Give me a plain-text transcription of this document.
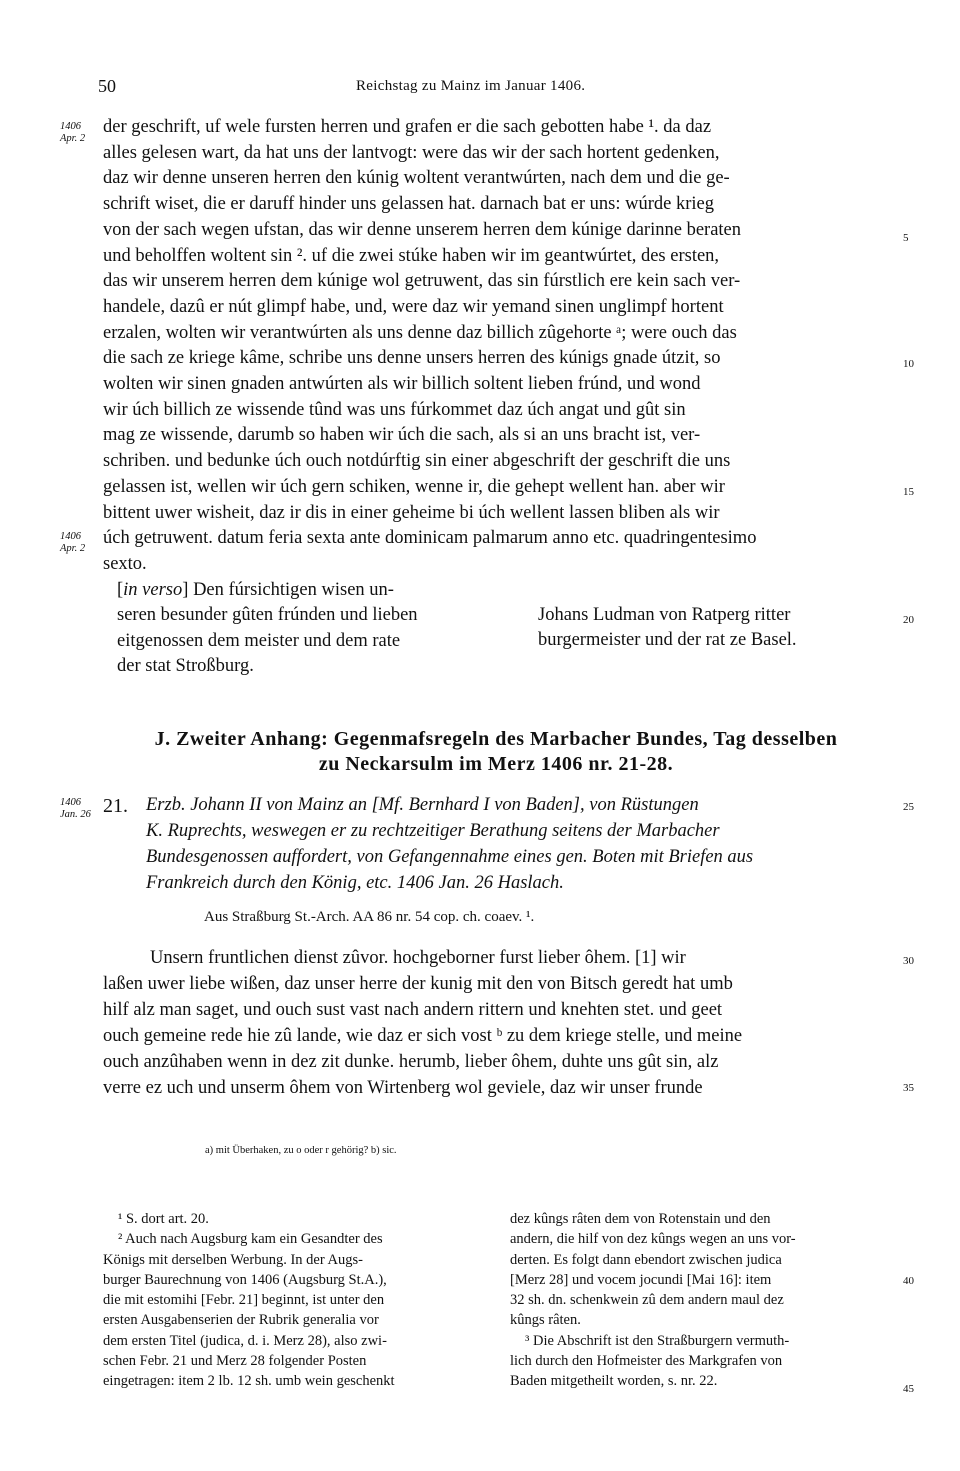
50	Reichstag zu Mainz im Januar 1406.
1406
Apr. 2
1406
Apr. 2
1406
Jan. 26
5
10
15
20
25
30
35
40
45
der geschrift, uf wele fursten herren und grafen er die sach gebotten habe ¹. da daz
alles gelesen wart, da hat uns der lantvogt: were das wir der sach hortent gedenken,
daz wir denne unseren herren den kúnig woltent verantwúrten, nach dem und die ge-
schrift wiset, die er daruff hinder uns gelassen hat. darnach bat er uns: wúrde krieg
von der sach wegen ufstan, das wir denne unserem herren dem kúnige darinne beraten
und beholffen woltent sin ². uf die zwei stúke haben wir im geantwúrtet, des ersten,
das wir unserem herren dem kúnige wol getruwent, das sin fúrstlich ere kein sach ver-
handele, dazû er nút glimpf habe, und, were daz wir yemand sinen unglimpf hortent
erzalen, wolten wir verantwúrten als uns denne daz billich zûgehorte ᵃ; were ouch das
die sach ze kriege kâme, schribe uns denne unsers herren des kúnigs gnade útzit, so
wolten wir sinen gnaden antwúrten als wir billich soltent lieben frúnd, und wond
wir úch billich ze wissende tûnd was uns fúrkommet daz úch angat und gût sin
mag ze wissende, darumb so haben wir úch die sach, als si an uns bracht ist, ver-
schriben. und bedunke úch ouch notdúrftig sin einer abgeschrift der geschrift die uns
gelassen ist, wellen wir úch gern schiken, wenne ir, die gehept wellent han. aber wir
bittent uwer wisheit, daz ir dis in einer geheime bi úch wellent lassen bliben als wir
úch getruwent. datum feria sexta ante dominicam palmarum anno etc. quadringentesimo
sexto.
[in verso] Den fúrsichtigen wisen un-
seren besunder gûten frúnden und lieben
eitgenossen dem meister und dem rate
der stat Stroßburg.
Johans Ludman von Ratperg ritter
burgermeister und der rat ze Basel.
J. Zweiter Anhang: Gegenmafsregeln des Marbacher Bundes, Tag desselben
zu Neckarsulm im Merz 1406 nr. 21-28.
21. Erzb. Johann II von Mainz an [Mf. Bernhard I von Baden], von Rüstungen
K. Ruprechts, weswegen er zu rechtzeitiger Berathung seitens der Marbacher
Bundesgenossen auffordert, von Gefangennahme eines gen. Boten mit Briefen aus
Frankreich durch den König, etc. 1406 Jan. 26 Haslach.
Aus Straßburg St.-Arch. AA 86 nr. 54 cop. ch. coaev. ¹.
Unsern fruntlichen dienst zûvor. hochgeborner furst lieber ôhem. [1] wir
laßen uwer liebe wißen, daz unser herre der kunig mit den von Bitsch geredt hat umb
hilf alz man saget, und ouch sust vast nach andern rittern und knehten stet. und geet
ouch gemeine rede hie zû lande, wie daz er sich vost ᵇ zu dem kriege stelle, und meine
ouch anzûhaben wenn in dez zit dunke. herumb, lieber ôhem, duhte uns gût sin, alz
verre ez uch und unserm ôhem von Wirtenberg wol geviele, daz wir unser frunde
a) mit Überhaken, zu o oder r gehörig? b) sic.
¹ S. dort art. 20.
² Auch nach Augsburg kam ein Gesandter des
Königs mit derselben Werbung. In der Augs-
burger Baurechnung von 1406 (Augsburg St.A.),
die mit estomihi [Febr. 21] beginnt, ist unter den
ersten Ausgabenserien der Rubrik generalia vor
dem ersten Titel (judica, d. i. Merz 28), also zwi-
schen Febr. 21 und Merz 28 folgender Posten
eingetragen: item 2 lb. 12 sh. umb wein geschenkt
dez kûngs râten dem von Rotenstain und den
andern, die hilf von dez kûngs wegen an uns vor-
derten. Es folgt dann ebendort zwischen judica
[Merz 28] und vocem jocundi [Mai 16]: item
32 sh. dn. schenkwein zû dem andern maul dez
kûngs râten.
³ Die Abschrift ist den Straßburgern vermuth-
lich durch den Hofmeister des Markgrafen von
Baden mitgetheilt worden, s. nr. 22.
